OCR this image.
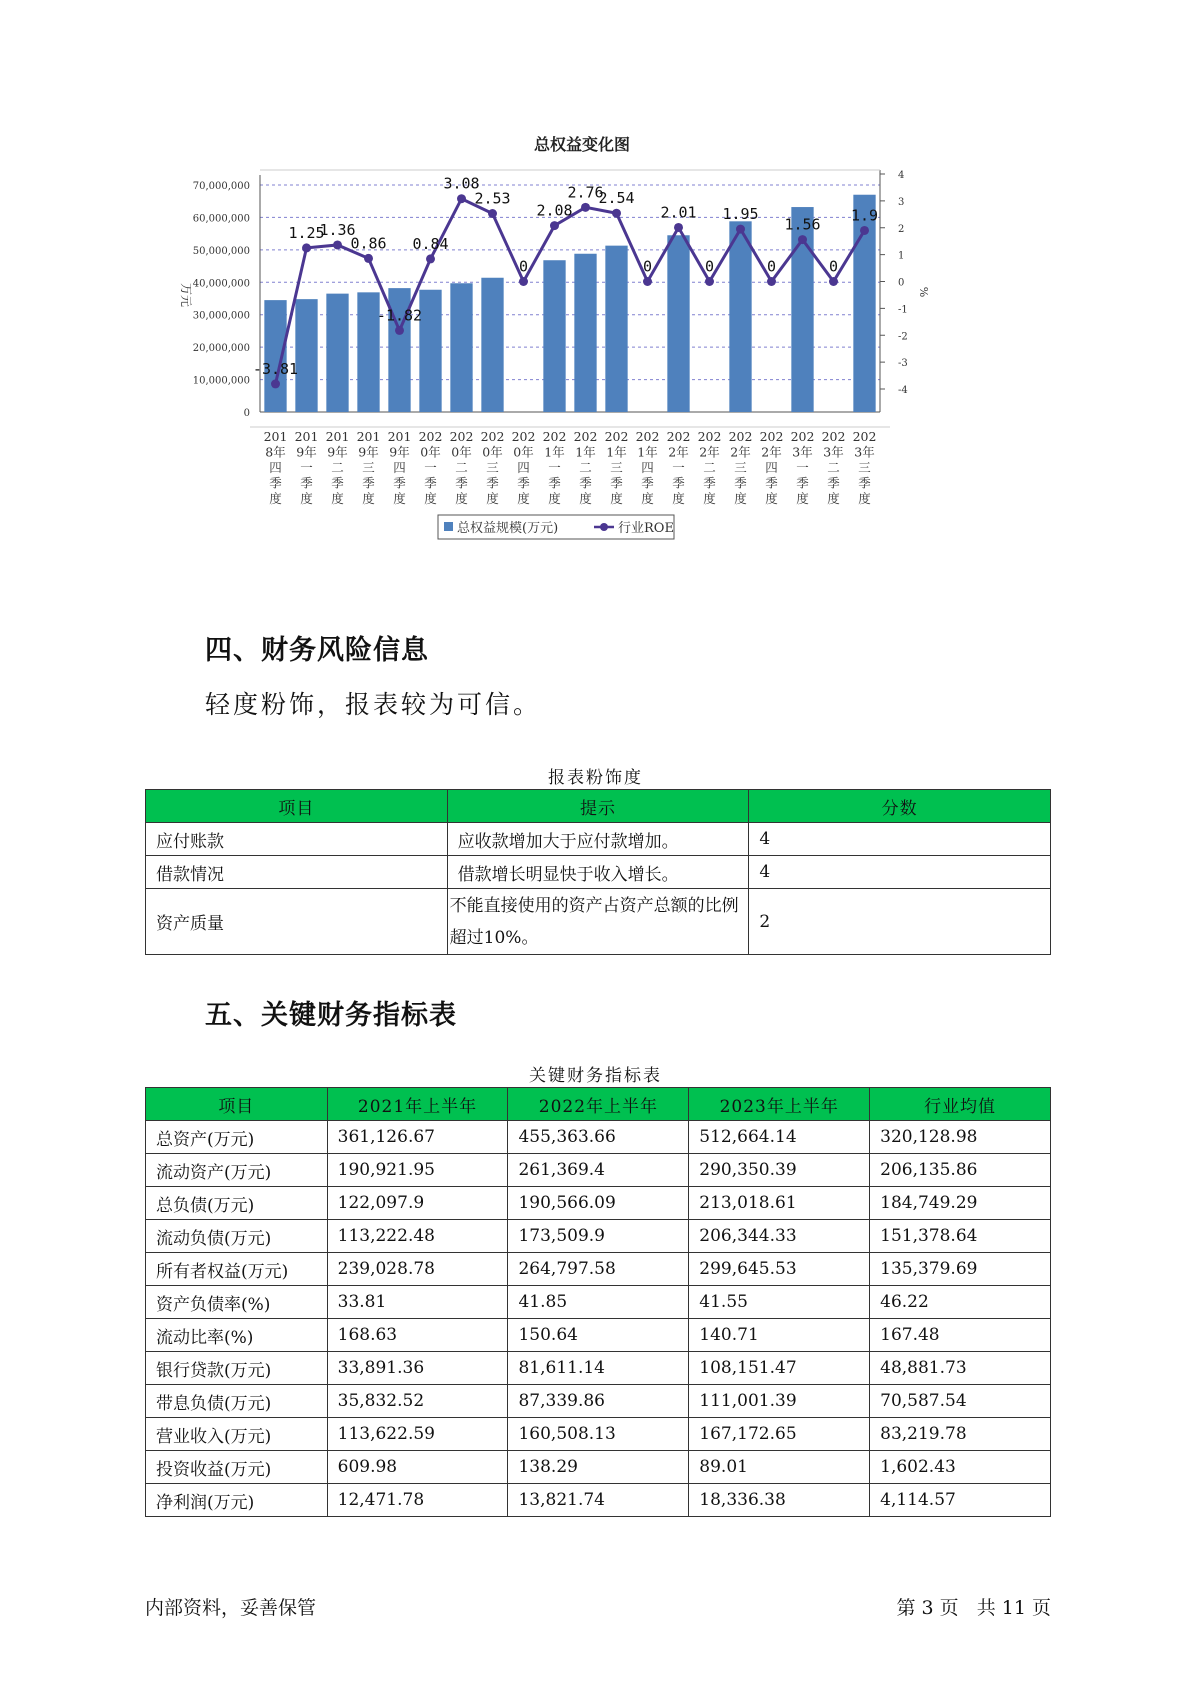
总权益变化图
70,000,000
60,000,000
50,000,000
40,000,000
30,000,000
20,000,000
10,000,000
0
万元
4
3
2
1
0
-1
-2
-3
-4
%
-3.81
1.25
1.36
0.86
-1.82
0.84
3.08
2.53
0
2.08
2.76
2.54
0
2.01
0
1.95
0
1.56
0
1.9
201 8年四季度
201 9年一季度
201 9年二季度
201 9年三季度
201 9年四季度
202 0年一季度
202 0年二季度
202 0年三季度
202 0年四季度
202 1年一季度
202 1年二季度
202 1年三季度
202 1年四季度
202 2年一季度
202 2年二季度
202 2年三季度
202 2年四季度
202 3年一季度
202 3年二季度
202 3年三季度
总权益规模(万元)	行业ROE
四、财务风险信息
轻度粉饰，报表较为可信。
报表粉饰度
项目	提示	分数
应付账款	应收款增加大于应付款增加。	4
借款情况	借款增长明显快于收入增长。	4
资产质量	不能直接使用的资产占资产总额的比例超过10%。	2
五、关键财务指标表
关键财务指标表
项目	2021年上半年	2022年上半年	2023年上半年	行业均值
总资产(万元)	361,126.67	455,363.66	512,664.14	320,128.98
流动资产(万元)	190,921.95	261,369.4	290,350.39	206,135.86
总负债(万元)	122,097.9	190,566.09	213,018.61	184,749.29
流动负债(万元)	113,222.48	173,509.9	206,344.33	151,378.64
所有者权益(万元)	239,028.78	264,797.58	299,645.53	135,379.69
资产负债率(%)	33.81	41.85	41.55	46.22
流动比率(%)	168.63	150.64	140.71	167.48
银行贷款(万元)	33,891.36	81,611.14	108,151.47	48,881.73
带息负债(万元)	35,832.52	87,339.86	111,001.39	70,587.54
营业收入(万元)	113,622.59	160,508.13	167,172.65	83,219.78
投资收益(万元)	609.98	138.29	89.01	1,602.43
净利润(万元)	12,471.78	13,821.74	18,336.38	4,114.57
内部资料，妥善保管	第 3 页   共 11 页
